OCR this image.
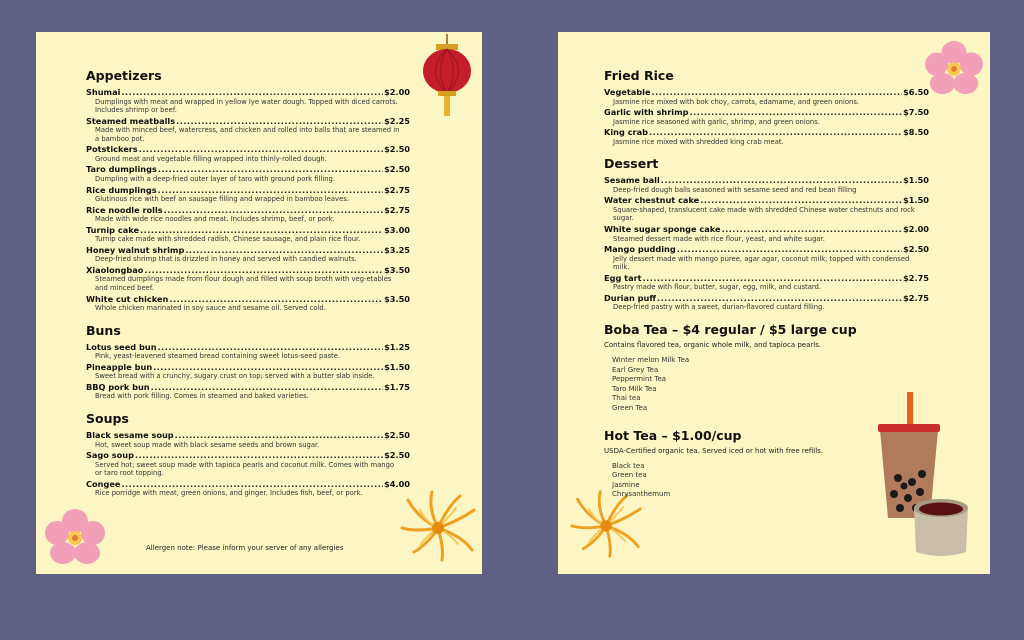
Appetizers
Shumai .....	$2.00
Dumplings with meat and wrapped in yellow lye water dough. Topped with diced carrots. Includes shrimp or beef.
Steamed meatballs .....	$2.25
Made with minced beef, watercress, and chicken and rolled into balls that are steamed in a bamboo pot.
Potstickers .....	$2.50
Ground meat and vegetable filling wrapped into thinly-rolled dough.
Taro dumplings .....	$2.50
Dumpling with a deep-fried outer layer of taro with ground pork filling.
Rice dumplings .....	$2.75
Glutinous rice with beef an sausage filling and wrapped in bamboo leaves.
Rice noodle rolls .....	$2.75
Made with wide rice noodles and meat. Includes shrimp, beef, or pork.
Turnip cake .....	$3.00
Turnip cake made with shredded radish, Chinese sausage, and plain rice flour.
Honey walnut shrimp .....	$3.25
Deep-fried shrimp that is drizzled in honey and served with candied walnuts.
Xiaolongbao .....	$3.50
Steamed dumplings made from flour dough and filled with soup broth with veg-etables and minced beef.
White cut chicken .....	$3.50
Whole chicken marinated in soy sauce and sesame oil. Served cold.
Buns
Lotus seed bun .....	$1.25
Pink, yeast-leavened steamed bread containing sweet lotus-seed paste.
Pineapple bun .....	$1.50
Sweet bread with a crunchy, sugary crust on top; served with a butter slab inside.
BBQ pork bun .....	$1.75
Bread with pork filling. Comes in steamed and baked varieties.
Soups
Black sesame soup .....	$2.50
Hot, sweet soup made with black sesame seeds and brown sugar.
Sago soup .....	$2.50
Served hot; sweet soup made with tapioca pearls and coconut milk. Comes with mango or taro root topping.
Congee .....	$4.00
Rice porridge with meat, green onions, and ginger. Includes fish, beef, or pork.
Allergen note: Please inform your server of any allergies
Fried Rice
Vegetable .....	$6.50
Jasmine rice mixed with bok choy, carrots, edamame, and green onions.
Garlic with shrimp .....	$7.50
Jasmine rice seasoned with garlic, shrimp, and green onions.
King crab .....	$8.50
Jasmine rice mixed with shredded king crab meat.
Dessert
Sesame ball .....	$1.50
Deep-fried dough balls seasoned with sesame seed and red bean filling
Water chestnut cake .....	$1.50
Square-shaped, translucent cake made with shredded Chinese water chestnuts and rock sugar.
White sugar sponge cake .....	$2.00
Steamed dessert made with rice flour, yeast, and white sugar.
Mango pudding .....	$2.50
Jelly dessert made with mango puree, agar agar, coconut milk; topped with condensed milk.
Egg tart .....	$2.75
Pastry made with flour, butter, sugar, egg, milk, and custard.
Durian puff .....	$2.75
Deep-fried pastry with a sweet, durian-flavored custard filling.
Boba Tea – $4 regular / $5 large cup
Contains flavored tea, organic whole milk, and tapioca pearls.
Winter melon Milk Tea
Earl Grey Tea
Peppermint Tea
Taro Milk Tea
Thai tea
Green Tea
Hot Tea – $1.00/cup
USDA-Certified organic tea. Served iced or hot with free refills.
Black tea
Green tea
Jasmine
Chrysanthemum
